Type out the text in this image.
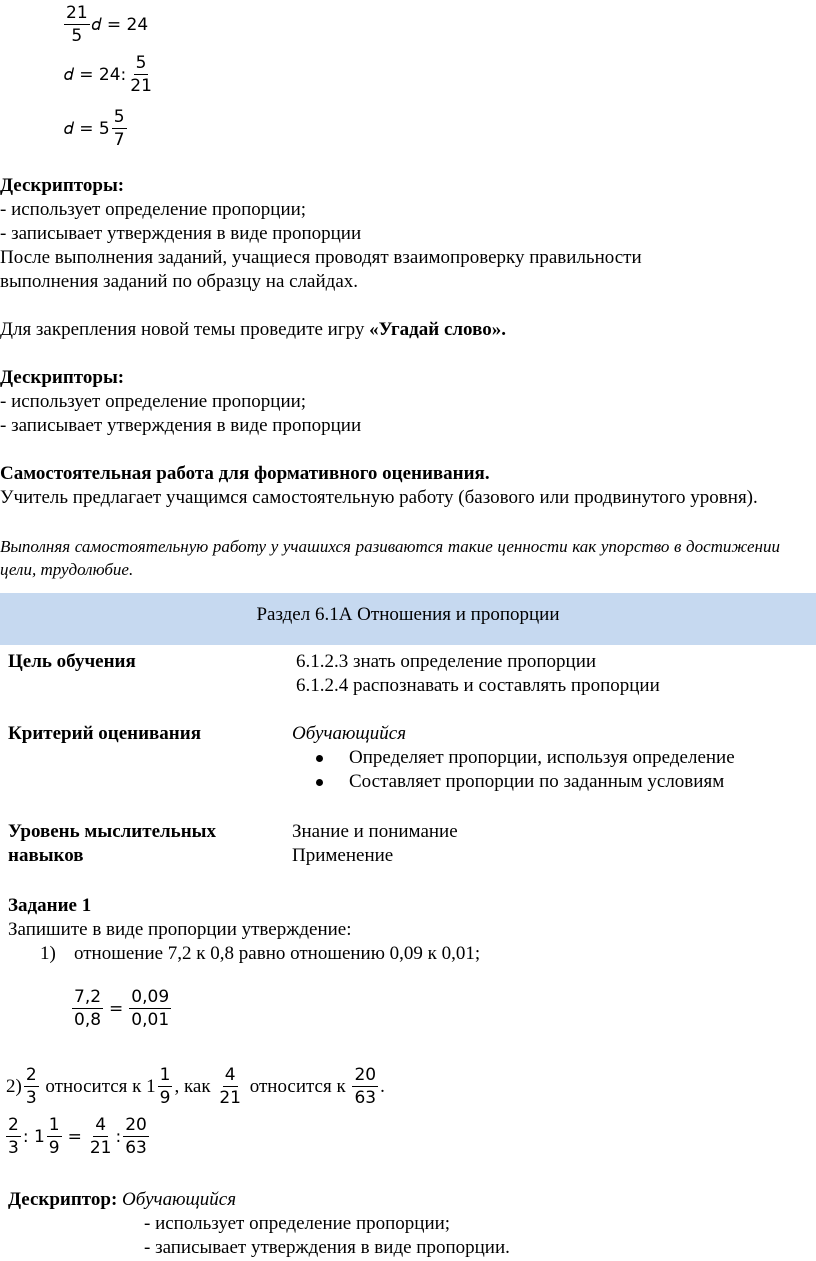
$\frac{21}{5}$ 𝑑 = 24
𝑑 = 24: $\frac{5}{21}$
𝑑 = $5 \frac{5}{7}$
Дескрипторы:
- использует определение пропорции;
- записывает утверждения в виде пропорции
После выполнения заданий, учащиеся проводят взаимопроверку правильности
выполнения заданий по образцу на слайдах.
Для закрепления новой темы проведите игру «Угадай слово».
Дескрипторы:
- использует определение пропорции;
- записывает утверждения в виде пропорции
Самостоятельная работа для формативного оценивания.
Учитель предлагает учащимся самостоятельную работу (базового или продвинутого уровня).
Выполняя самостоятельную работу у учашихся разиваются такие ценности как упорство в достижении цели, трудолюбие.
Раздел 6.1А Отношения и пропорции
Цель обучения	6.1.2.3 знать определение пропорции
6.1.2.4 распознавать и составлять пропорции
Критерий оценивания	Обучающийся
Определяет пропорции, используя определение
Составляет пропорции по заданным условиям
Уровень мыслительных
навыков
Знание и понимание
Применение
Задание 1
Запишите в виде пропорции утверждение:
1) отношение 7,2 к 0,8 равно отношению 0,09 к 0,01;
$\frac{7,2}{0,8} = \frac{0,09}{0,01}$
$2) \frac{2}{3}$ относится к $1 \frac{1}{9}$ , как $\frac{4}{21}$ относится к $\frac{20}{63}$ .
$\frac{2}{3}$ : $1 \frac{1}{9} = \frac{4}{21}$ : $\frac{20}{63}$
Дескриптор: Обучающийся
- использует определение пропорции;
- записывает утверждения в виде пропорции.
